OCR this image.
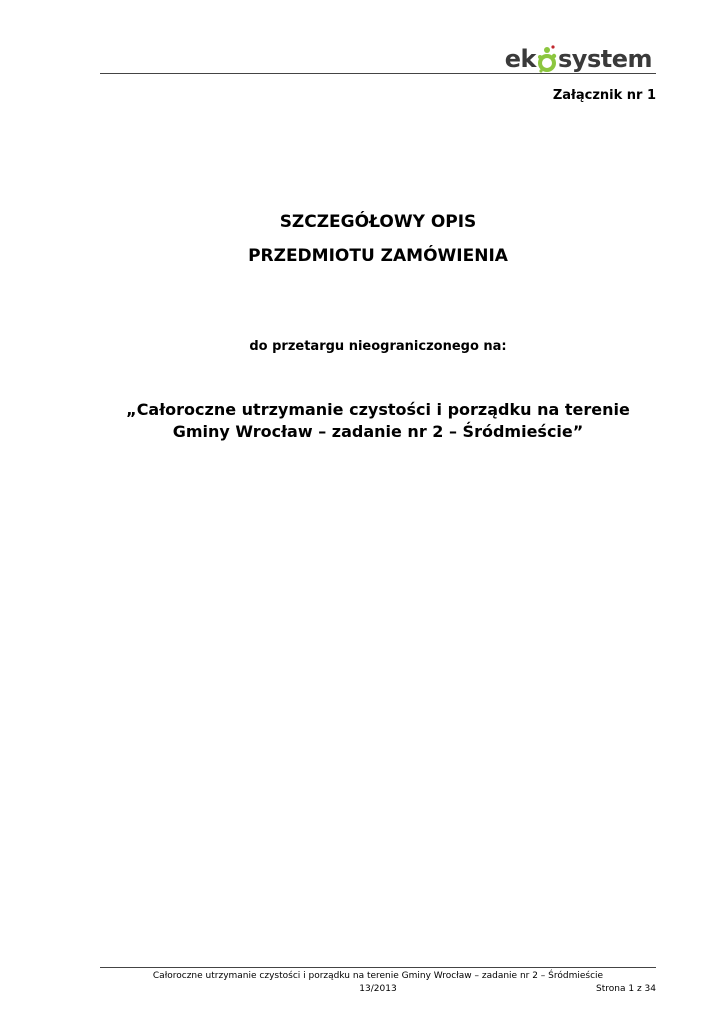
ek system
Załącznik nr 1
SZCZEGÓŁOWY OPIS
PRZEDMIOTU ZAMÓWIENIA
do przetargu nieograniczonego na:
„Całoroczne utrzymanie czystości i porządku na terenie
Gminy Wrocław – zadanie nr 2 – Śródmieście”
Całoroczne utrzymanie czystości i porządku na terenie Gminy Wrocław – zadanie nr 2 – Śródmieście
13/2013	Strona 1 z 34
